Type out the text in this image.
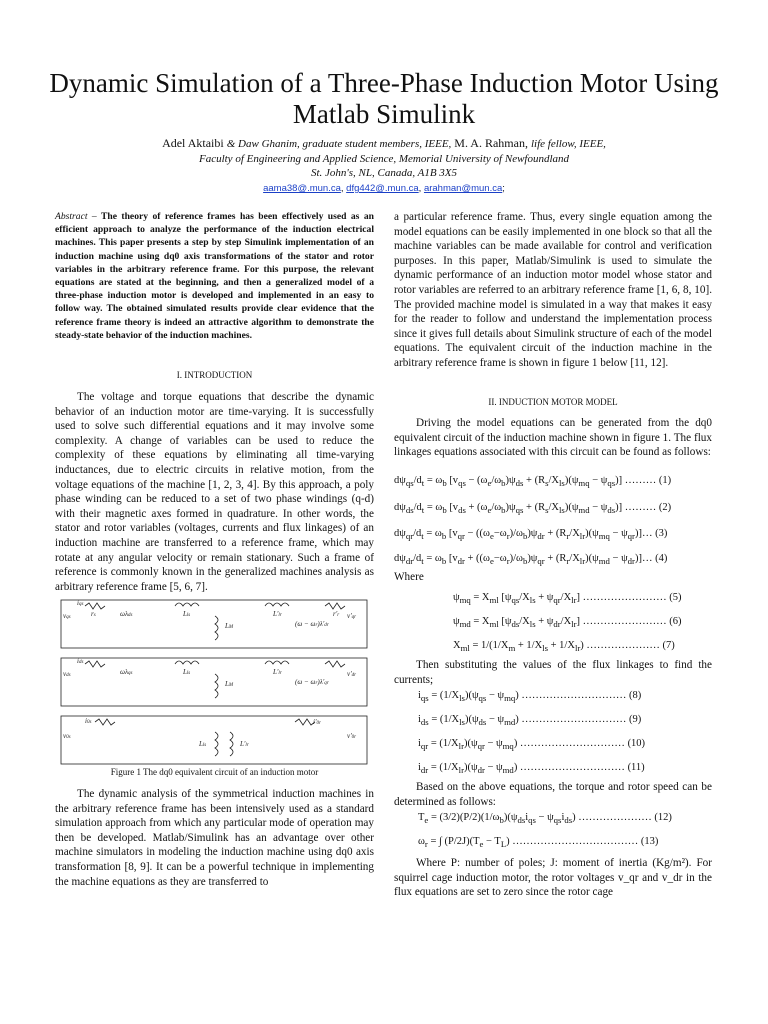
Dynamic Simulation of a Three-Phase Induction Motor Using Matlab Simulink
Adel Aktaibi & Daw Ghanim, graduate student members, IEEE, M. A. Rahman, life fellow, IEEE,
Faculty of Engineering and Applied Science, Memorial University of Newfoundland
St. John's, NL, Canada, A1B 3X5
aama38@.mun.ca, dfg442@.mun.ca, arahman@mun.ca;
Abstract – The theory of reference frames has been effectively used as an efficient approach to analyze the performance of the induction electrical machines. This paper presents a step by step Simulink implementation of an induction machine using dq0 axis transformations of the stator and rotor variables in the arbitrary reference frame. For this purpose, the relevant equations are stated at the beginning, and then a generalized model of a three-phase induction motor is developed and implemented in an easy to follow way. The obtained simulated results provide clear evidence that the reference frame theory is indeed an attractive algorithm to demonstrate the steady-state behavior of the induction machines.
I. INTRODUCTION

The voltage and torque equations that describe the dynamic behavior of an induction motor are time-varying. It is successfully used to solve such differential equations and it may involve some complexity. A change of variables can be used to reduce the complexity of these equations by eliminating all time-varying inductances, due to electric circuits in relative motion, from the voltage equations of the machine [1, 2, 3, 4]. By this approach, a poly phase winding can be reduced to a set of two phase windings (q-d) with their magnetic axes formed in quadrature. In other words, the stator and rotor variables (voltages, currents and flux linkages) of an induction machine are transferred to a reference frame, which may rotate at any angular velocity or remain stationary. Such a frame of reference is commonly known in the generalized machines analysis as arbitrary reference frame [5, 6, 7].

vqs
iqs
rs	ωλds	Lls
LM
L'lr
(ω − ωr)λ'dr
r'r v'qr
vds
ids
ωλqs	Lls
LM
L'lr
(ω − ωr)λ'qr
v'dr
v0s
i0s
Lls	L'lr
i'0r
v'0r
Figure 1 The dq0 equivalent circuit of an induction motor

The dynamic analysis of the symmetrical induction machines in the arbitrary reference frame has been intensively used as a standard simulation approach from which any particular mode of operation may then be developed. Matlab/Simulink has an advantage over other machine simulators in modeling the induction machine using dq0 axis transformation [8, 9]. It can be a powerful technique in implementing the machine equations as they are transferred to

a particular reference frame. Thus, every single equation among the model equations can be easily implemented in one block so that all the machine variables can be made available for control and verification purposes. In this paper, Matlab/Simulink is used to simulate the dynamic performance of an induction motor model whose stator and rotor variables are referred to an arbitrary reference frame [1, 6, 8, 10]. The provided machine model is simulated in a way that makes it easy for the reader to follow and understand the implementation process since it gives full details about Simulink structure of each of the model equations. The equivalent circuit of the induction machine in the arbitrary reference frame is shown in figure 1 below [11, 12].

II. INDUCTION MOTOR MODEL

Driving the model equations can be generated from the dq0 equivalent circuit of the induction machine shown in figure 1. The flux linkages equations associated with this circuit can be found as follows:

$d\psi_{qs}/d_t = \omega_b$ $[v_{qs} - (\omega_e/\omega_b)\psi_{ds} + (R_s/X_{ls})(\psi_{mq} - \psi_{qs})]$ ……… (1)
$d\psi_{ds}/d_t = \omega_b$ $[v_{ds} + (\omega_e/\omega_b)\psi_{qs} + (R_s/X_{ls})(\psi_{md} - \psi_{ds})]$ ……… (2)
$d\psi_{qr}/d_t = \omega_b$ [$v_{qr} - ((\omega_e-\omega_r)/\omega_b)\psi_{dr} + (R_r/X_{lr})(\psi_{mq}$ − $\psi_{qr})]\dots$ (3)
$d\psi_{dr}/d_t = \omega_b$ [$v_{dr} + ((\omega_e-\omega_r)/\omega_b)\psi_{qr} + (R_r/X_{lr})(\psi_{md}$ − $\psi_{dr})]\dots$ (4)
Where
$\psi_{mq} = X_{ml}$ $[\psi_{qs}/X_{ls} + \psi_{qr}/X_{lr}]$ …………………… (5)
$\psi_{md} = X_{ml}$ $[\psi_{ds}/X_{ls} + \psi_{dr}/X_{lr}]$ …………………… (6)
$X_{ml} = 1/(1/X_m + 1/X_{ls} + 1/X_{lr})$ ………………… (7)

Then substituting the values of the flux linkages to find the currents;

$i_{qs} = (1/X_{ls})(\psi_{qs} - \psi_{mq})$ ………………………… (8)
$i_{ds} = (1/X_{ls})(\psi_{ds} - \psi_{md})$ ………………………… (9)
$i_{qr} = (1/X_{lr})(\psi_{qr} - \psi_{mq})$ ………………………… (10)
$i_{dr} = (1/X_{lr})(\psi_{dr} - \psi_{md})$ ………………………… (11)

Based on the above equations, the torque and rotor speed can be determined as follows:

$T_e = (3/2)(P/2)(1/\omega_b)(\psi_{ds}i_{qs} - \psi_{qs}i_{ds})$ ………………… (12)
$\omega_r$ = ∫ $(P/2J)(T_e - T_L)$ ……………………………… (13)

Where P: number of poles; J: moment of inertia (Kg/m²). For squirrel cage induction motor, the rotor voltages v_qr and v_dr in the flux equations are set to zero since the rotor cage
